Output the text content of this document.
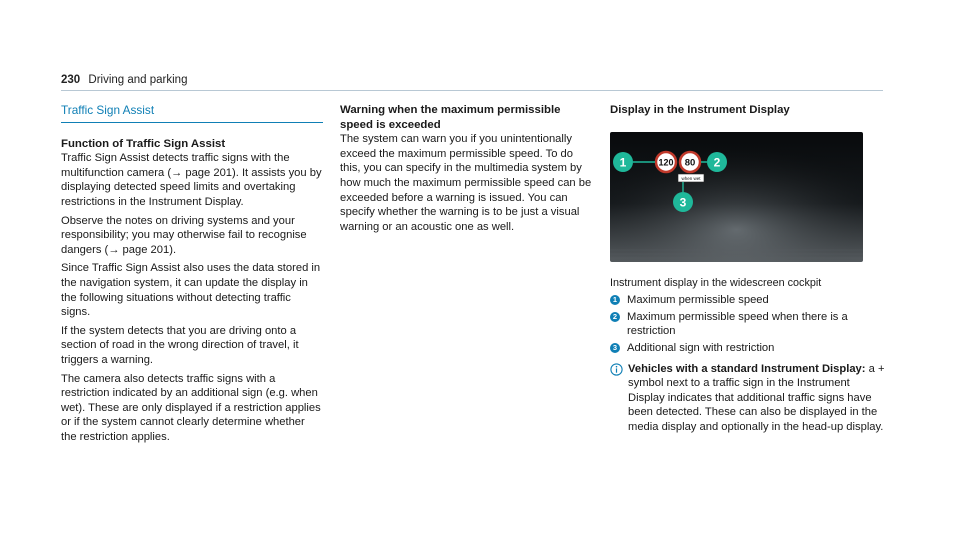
230 Driving and parking
Traffic Sign Assist
Function of Traffic Sign Assist

Traffic Sign Assist detects traffic signs with the multifunction camera (→ page 201). It assists you by displaying detected speed limits and overtaking restrictions in the Instrument Display.

Observe the notes on driving systems and your responsibility; you may otherwise fail to recognise dangers (→ page 201).

Since Traffic Sign Assist also uses the data stored in the navigation system, it can update the display in the following situations without detecting traffic signs.

If the system detects that you are driving onto a section of road in the wrong direction of travel, it triggers a warning.

The camera also detects traffic signs with a restriction indicated by an additional sign (e.g. when wet). These are only displayed if a restriction applies or if the system cannot clearly determine whether the restriction applies.

Warning when the maximum permissible speed is exceeded

The system can warn you if you unintentionally exceed the maximum permissible speed. To do this, you can specify in the multimedia system by how much the maximum permissible speed can be exceeded before a warning is issued. You can specify whether the warning is to be just a visual warning or an acoustic one as well.

Display in the Instrument Display
120 80
when wet
1	2
3
Instrument display in the widescreen cockpit
1 Maximum permissible speed
2 Maximum permissible speed when there is a restriction
3 Additional sign with restriction
Vehicles with a standard Instrument Display: a + symbol next to a traffic sign in the Instrument Display indicates that additional traffic signs have been detected. These can also be displayed in the media display and optionally in the head-up display.
